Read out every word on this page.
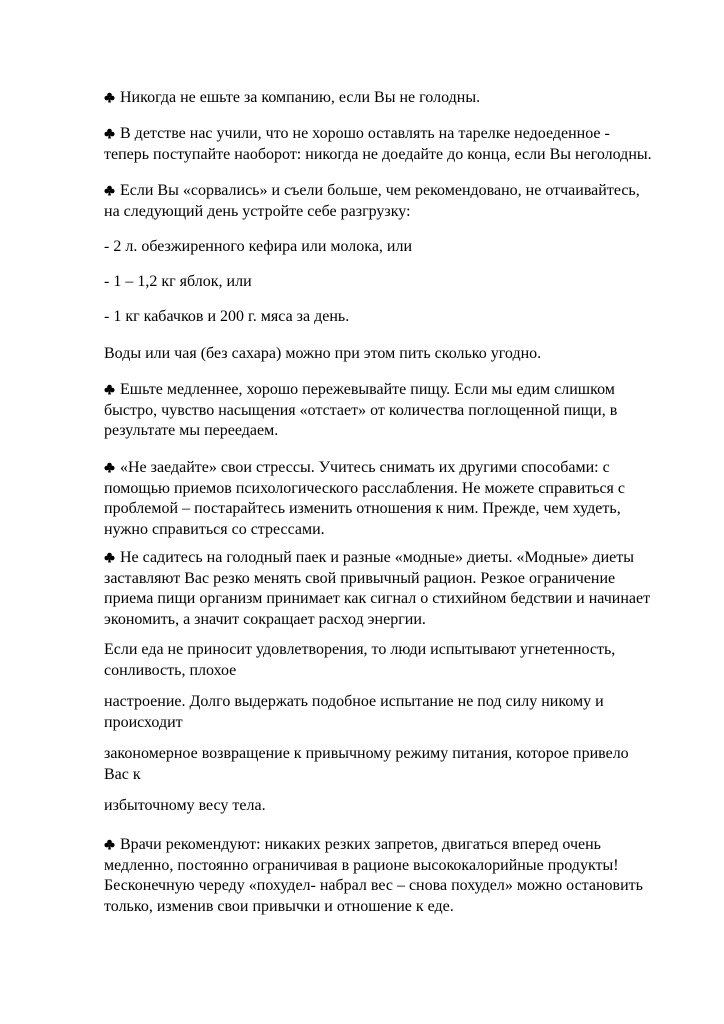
Никогда не ешьте за компанию, если Вы не голодны.

В детстве нас учили, что не хорошо оставлять на тарелке недоеденное -
теперь поступайте наоборот: никогда не доедайте до конца, если Вы неголодны.

Если Вы «сорвались» и съели больше, чем рекомендовано, не отчаивайтесь,
на следующий день устройте себе разгрузку:

- 2 л. обезжиренного кефира или молока, или

- 1 – 1,2 кг яблок, или

- 1 кг кабачков и 200 г. мяса за день.

Воды или чая (без сахара) можно при этом пить сколько угодно.

Ешьте медленнее, хорошо пережевывайте пищу. Если мы едим слишком
быстро, чувство насыщения «отстает» от количества поглощенной пищи, в
результате мы переедаем.

«Не заедайте» свои стрессы. Учитесь снимать их другими способами: с
помощью приемов психологического расслабления. Не можете справиться с
проблемой – постарайтесь изменить отношения к ним. Прежде, чем худеть,
нужно справиться со стрессами.

Не садитесь на голодный паек и разные «модные» диеты. «Модные» диеты
заставляют Вас резко менять свой привычный рацион. Резкое ограничение
приема пищи организм принимает как сигнал о стихийном бедствии и начинает
экономить, а значит сокращает расход энергии.

Если еда не приносит удовлетворения, то люди испытывают угнетенность,
сонливость, плохое

настроение. Долго выдержать подобное испытание не под силу никому и
происходит

закономерное возвращение к привычному режиму питания, которое привело
Вас к

избыточному весу тела.

Врачи рекомендуют: никаких резких запретов, двигаться вперед очень
медленно, постоянно ограничивая в рационе высококалорийные продукты!
Бесконечную череду «похудел- набрал вес – снова похудел» можно остановить
только, изменив свои привычки и отношение к еде.
